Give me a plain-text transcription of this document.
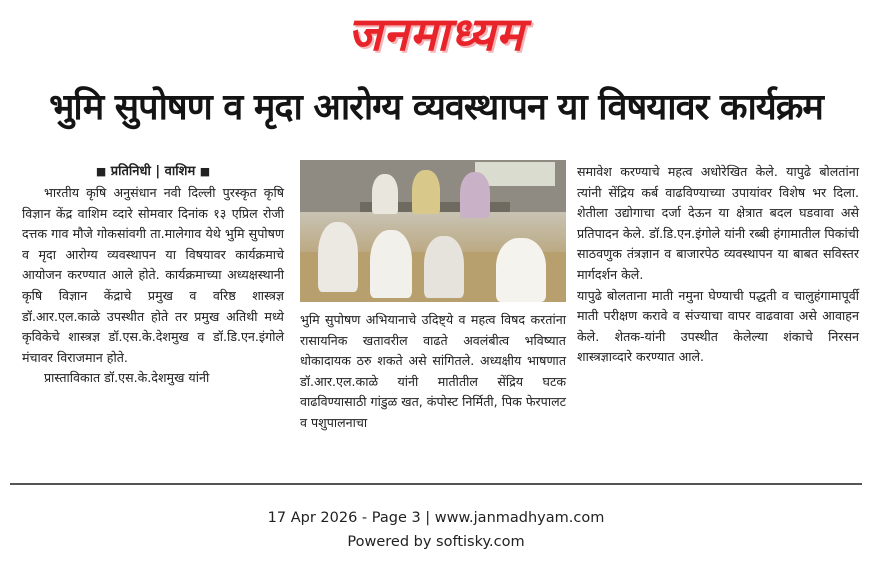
जनमाध्यम
भुमि सुपोषण व मृदा आरोग्य व्यवस्थापन या विषयावर कार्यक्रम
■ प्रतिनिधी | वाशिम ■

भारतीय कृषि अनुसंधान नवी दिल्ली पुरस्कृत कृषि विज्ञान केंद्र वाशिम व्दारे सोमवार दिनांक १३ एप्रिल रोजी दत्तक गाव मौजे गोकसांवगी ता.मालेगाव येथे भुमि सुपोषण व मृदा आरोग्य व्यवस्थापन या विषयावर कार्यक्रमाचे आयोजन करण्यात आले होते. कार्यक्रमाच्या अध्यक्षस्थानी कृषि विज्ञान केंद्राचे प्रमुख व वरिष्ठ शास्त्रज्ञ डॉ.आर.एल.काळे उपस्थीत होते तर प्रमुख अतिथी मध्ये कृविकेचे शास्त्रज्ञ डॉ.एस.के.देशमुख व डॉ.डि.एन.इंगोले मंचावर विराजमान होते.

प्रास्ताविकात डॉ.एस.के.देशमुख यांनी

भुमि सुपोषण अभियानाचे उदिष्ट्ये व महत्व विषद करतांना रासायनिक खतावरील वाढते अवलंबीत्व भविष्यात धोकादायक ठरु शकते असे सांगितले. अध्यक्षीय भाषणात डॉ.आर.एल.काळे यांनी मातीतील सेंद्रिय घटक वाढविण्यासाठी गांडुळ खत, कंपोस्ट निर्मिती, पिक फेरपालट व पशुपालनाचा

समावेश करण्याचे महत्व अधोरेखित केले. यापुढे बोलतांना त्यांनी सेंद्रिय कर्ब वाढविण्याच्या उपायांवर विशेष भर दिला. शेतीला उद्योगाचा दर्जा देऊन या क्षेत्रात बदल घडवावा असे प्रतिपादन केले. डॉ.डि.एन.इंगोले यांनी रब्बी हंगामातील पिकांची साठवणुक तंत्रज्ञान व बाजारपेठ व्यवस्थापन या बाबत सविस्तर मार्गदर्शन केले.

यापुढे बोलताना माती नमुना घेण्याची पद्धती व चालुहंगामापूर्वी माती परीक्षण करावे व संज्याचा वापर वाढवावा असे आवाहन केले. शेतक-यांनी उपस्थीत केलेल्या शंकाचे निरसन शास्त्रज्ञाव्दारे करण्यात आले.

17 Apr 2026 - Page 3 | www.janmadhyam.com
Powered by softisky.com
